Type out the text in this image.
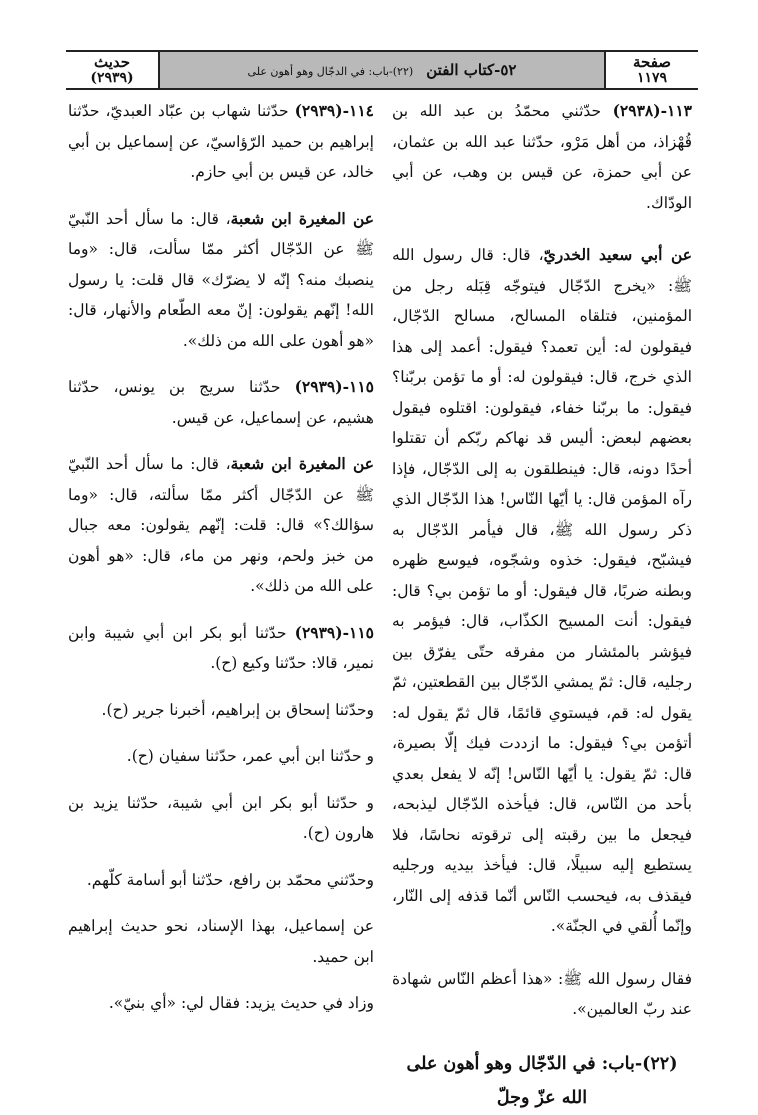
صفحة
١١٧٩
٥٢-كتاب الفتن (٢٢)-باب: في الدجّال وهو أهون على
حديث
(٢٩٣٩)

١١٣-(٢٩٣٨) حدّثني محمّدُ بن عبد الله بن قُهْزاذ، من أهل مَرْو، حدّثنا عبد الله بن عثمان، عن أبي حمزة، عن قيس بن وهب، عن أبي الودّاك.

عن أبي سعيد الخدريّ، قال: قال رسول الله ﷺ: «يخرج الدّجّال فيتوجّه قِبَله رجل من المؤمنين، فتلقاه المسالح، مسالح الدّجّال، فيقولون له: أين تعمد؟ فيقول: أعمد إلى هذا الذي خرج، قال: فيقولون له: أو ما تؤمن بربّنا؟ فيقول: ما بربّنا خفاء، فيقولون: اقتلوه فيقول بعضهم لبعض: أليس قد نهاكم ربّكم أن تقتلوا أحدًا دونه، قال: فينطلقون به إلى الدّجّال، فإذا رآه المؤمن قال: يا أيّها النّاس! هذا الدّجّال الذي ذكر رسول الله ﷺ، قال فيأمر الدّجّال به فيشبّح، فيقول: خذوه وشجّوه، فيوسع ظهره وبطنه ضربًا، قال فيقول: أو ما تؤمن بي؟ قال: فيقول: أنت المسيح الكذّاب، قال: فيؤمر به فيؤشر بالمئشار من مفرقه حتّى يفرّق بين رجليه، قال: ثمّ يمشي الدّجّال بين القطعتين، ثمّ يقول له: قم، فيستوي قائمًا، قال ثمّ يقول له: أتؤمن بي؟ فيقول: ما ازددت فيك إلّا بصيرة، قال: ثمّ يقول: يا أيّها النّاس! إنّه لا يفعل بعدي بأحد من النّاس، قال: فيأخذه الدّجّال ليذبحه، فيجعل ما بين رقبته إلى ترقوته نحاسًا، فلا يستطيع إليه سبيلًا، قال: فيأخذ بيديه ورجليه فيقذف به، فيحسب النّاس أنّما قذفه إلى النّار، وإنّما أُلقي في الجنّة».

فقال رسول الله ﷺ: «هذا أعظم النّاس شهادة عند ربّ العالمين».

(٢٢)-باب: في الدّجّال وهو أهون على الله عزّ وجلّ

١١٤-(٢٩٣٩) حدّثنا شهاب بن عبّاد العبديّ، حدّثنا إبراهيم بن حميد الرّؤاسيّ، عن إسماعيل بن أبي خالد، عن قيس بن أبي حازم.

عن المغيرة ابن شعبة، قال: ما سأل أحد النّبيّ ﷺ عن الدّجّال أكثر ممّا سألت، قال: «وما ينصبك منه؟ إنّه لا يضرّك» قال قلت: يا رسول الله! إنّهم يقولون: إنّ معه الطّعام والأنهار، قال: «هو أهون على الله من ذلك».

١١٥-(٢٩٣٩) حدّثنا سريج بن يونس، حدّثنا هشيم، عن إسماعيل، عن قيس.

عن المغيرة ابن شعبة، قال: ما سأل أحد النّبيّ ﷺ عن الدّجّال أكثر ممّا سألته، قال: «وما سؤالك؟» قال: قلت: إنّهم يقولون: معه جبال من خبز ولحم، ونهر من ماء، قال: «هو أهون على الله من ذلك».

١١٥-(٢٩٣٩) حدّثنا أبو بكر ابن أبي شيبة وابن نمير، قالا: حدّثنا وكيع (ح).

وحدّثنا إسحاق بن إبراهيم، أخبرنا جرير (ح).

و حدّثنا ابن أبي عمر، حدّثنا سفيان (ح).

و حدّثنا أبو بكر ابن أبي شيبة، حدّثنا يزيد بن هارون (ح).

وحدّثني محمّد بن رافع، حدّثنا أبو أسامة كلّهم.

عن إسماعيل، بهذا الإسناد، نحو حديث إبراهيم ابن حميد.

وزاد في حديث يزيد: فقال لي: «أي بنيّ».
